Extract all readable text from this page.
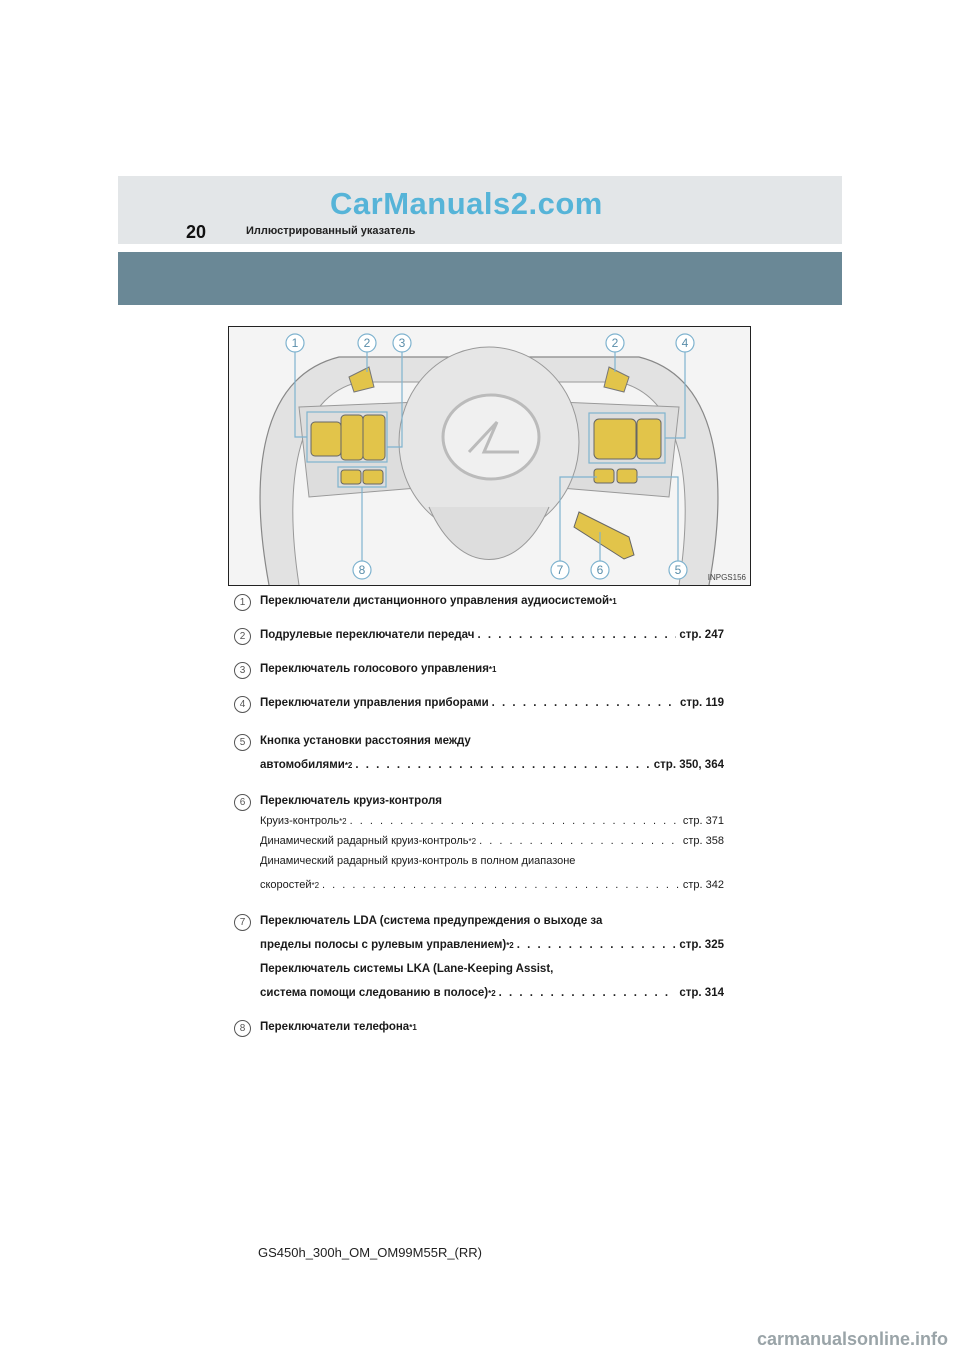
CarManuals2.com
20	Иллюстрированный указатель
1	2 3	2	4
8	7	6	5
INPGS156
1	Переключатели дистанционного управления аудиосистемой *1
2	Подрулевые переключатели передач . . .	стр. 247
3	Переключатель голосового управления *1
4	Переключатели управления приборами . . .	стр. 119
5	Кнопка установки расстояния между
автомобилями *2 . . .	стр. 350, 364
6	Переключатель круиз-контроля
Круиз-контроль *2 . . .	стр. 371
Динамический радарный круиз-контроль *2 . . .	стр. 358
Динамический радарный круиз-контроль в полном диапазоне
скоростей *2 . . .	стр. 342
7	Переключатель LDA (система предупреждения о выходе за
пределы полосы с рулевым управлением) *2 . . .	стр. 325
Переключатель системы LKA (Lane-Keeping Assist,
система помощи следованию в полосе) *2 . . .	стр. 314
8	Переключатели телефона *1
GS450h_300h_OM_OM99M55R_(RR)
carmanualsonline.info
